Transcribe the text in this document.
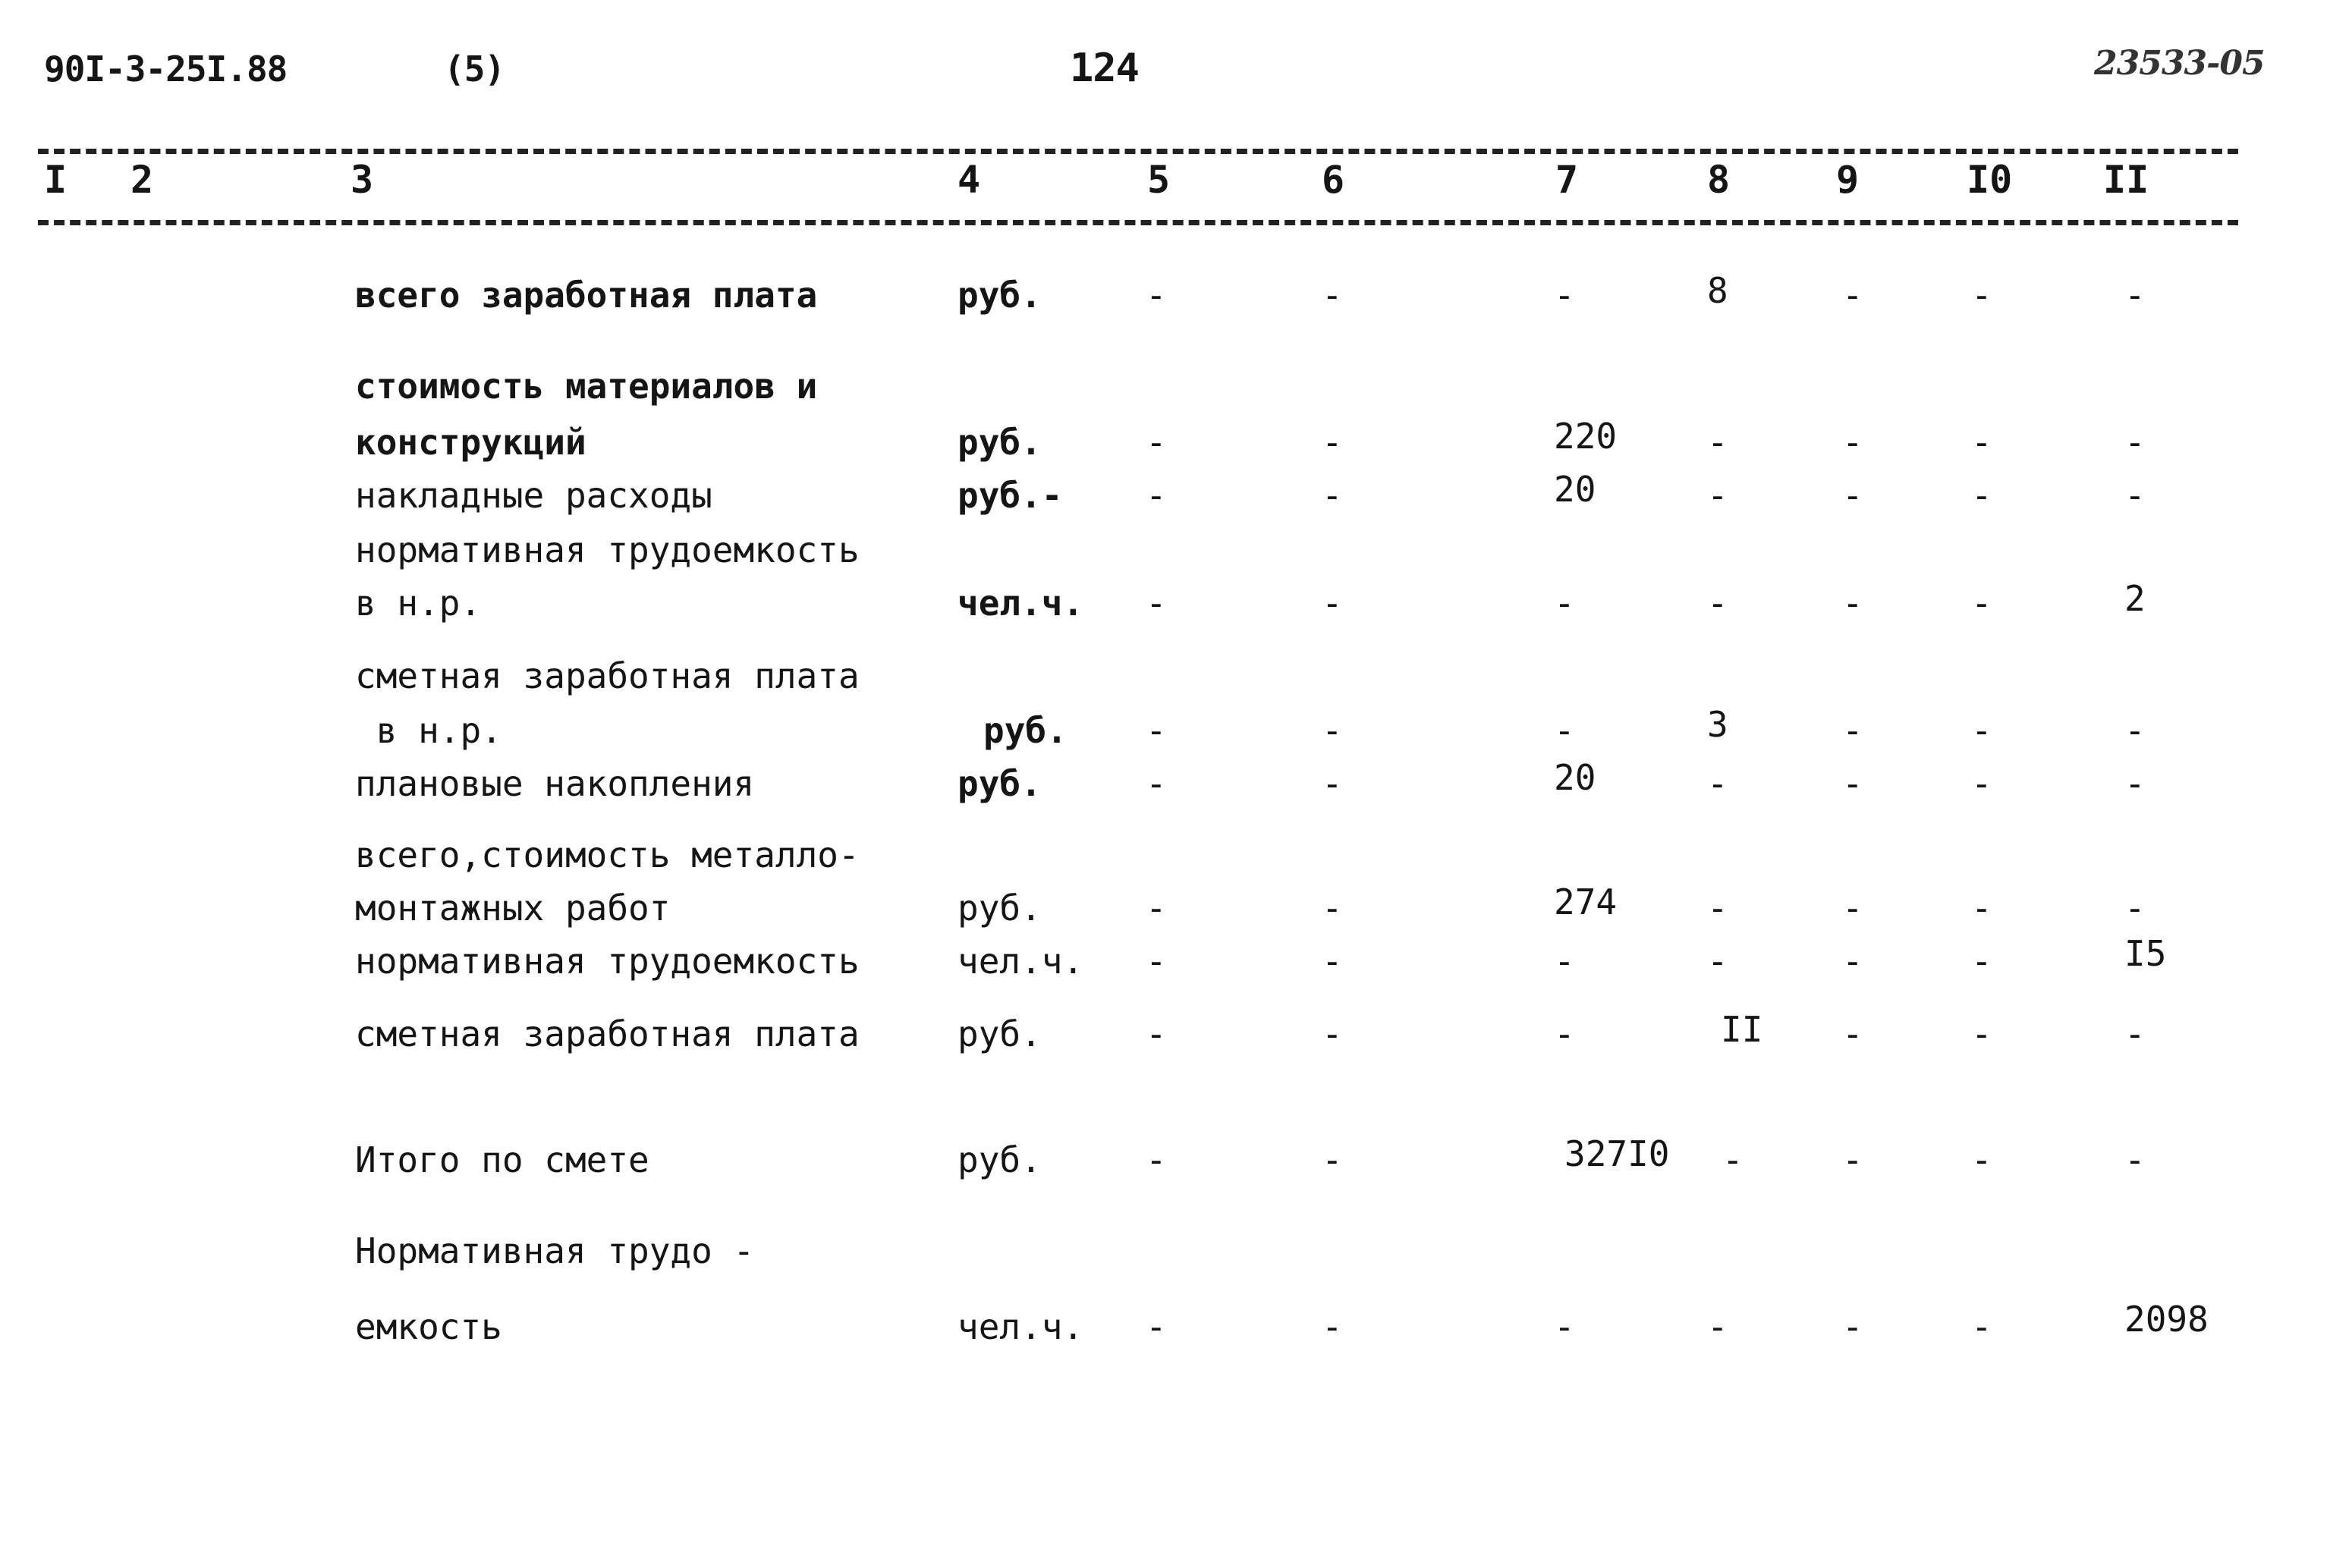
90I-3-25I.88	(5)	124	23533-05
I 2	3	4	5	6	7	8	9	I0 II
всего заработная плата	руб.	-	-	-	8	-	-	-
стоимость материалов и
конструкций	руб.	-	-	220	-	-	-	-
накладные расходы	руб.- -	-	20	-	-	-	-
нормативная трудоемкость
в н.р.	чел.ч. -	-	-	-	-	-	2
сметная заработная плата
в н.р.	руб. -	-	-	3	-	-	-
плановые накопления	руб.	-	-	20	-	-	-	-
всего,стоимость металло-
монтажных работ	руб.	-	-	274	-	-	-	-
нормативная трудоемкость	чел.ч. -	-	-	-	-	-	I5
сметная заработная плата	руб.	-	-	-	II -	-	-
Итого по смете	руб.	-	-	327I0 -	-	-	-
Нормативная трудо -
емкость	чел.ч. -	-	-	-	-	-	2098
